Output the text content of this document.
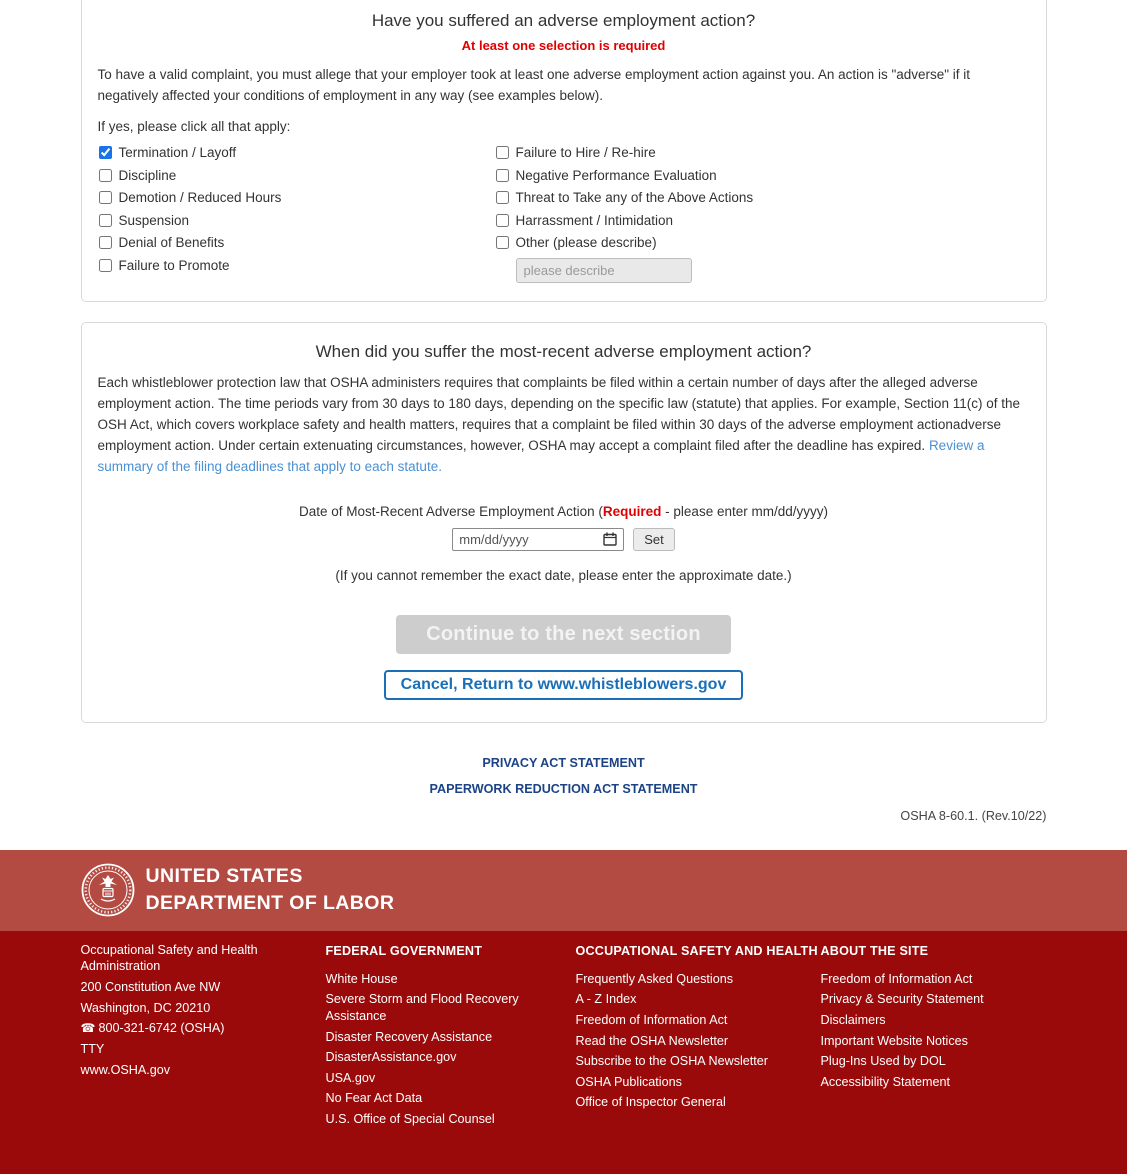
Have you suffered an adverse employment action?
At least one selection is required

To have a valid complaint, you must allege that your employer took at least one adverse employment action against you. An action is "adverse" if it negatively affected your conditions of employment in any way (see examples below).

If yes, please click all that apply:

Termination / Layoff
Discipline
Demotion / Reduced Hours
Suspension
Denial of Benefits
Failure to Promote
Failure to Hire / Re-hire
Negative Performance Evaluation
Threat to Take any of the Above Actions
Harrassment / Intimidation
Other (please describe)
please describe
When did you suffer the most-recent adverse employment action?

Each whistleblower protection law that OSHA administers requires that complaints be filed within a certain number of days after the alleged adverse employment action. The time periods vary from 30 days to 180 days, depending on the specific law (statute) that applies. For example, Section 11(c) of the OSH Act, which covers workplace safety and health matters, requires that a complaint be filed within 30 days of the adverse employment actionadverse employment action. Under certain extenuating circumstances, however, OSHA may accept a complaint filed after the deadline has expired. Review a summary of the filing deadlines that apply to each statute.

Date of Most-Recent Adverse Employment Action (Required - please enter mm/dd/yyyy)
mm/dd/yyyy	Set
(If you cannot remember the exact date, please enter the approximate date.)
Continue to the next section
Cancel, Return to www.whistleblowers.gov
PRIVACY ACT STATEMENT
PAPERWORK REDUCTION ACT STATEMENT
OSHA 8-60.1. (Rev.10/22)
UNITED STATES
DEPARTMENT OF LABOR
Occupational Safety and Health Administration
200 Constitution Ave NW
Washington, DC 20210
☎ 800-321-6742 (OSHA)
TTY
www.OSHA.gov
FEDERAL GOVERNMENT
White House
Severe Storm and Flood Recovery Assistance
Disaster Recovery Assistance
DisasterAssistance.gov
USA.gov
No Fear Act Data
U.S. Office of Special Counsel
OCCUPATIONAL SAFETY AND HEALTH
Frequently Asked Questions
A - Z Index
Freedom of Information Act
Read the OSHA Newsletter
Subscribe to the OSHA Newsletter
OSHA Publications
Office of Inspector General
ABOUT THE SITE
Freedom of Information Act
Privacy & Security Statement
Disclaimers
Important Website Notices
Plug-Ins Used by DOL
Accessibility Statement
